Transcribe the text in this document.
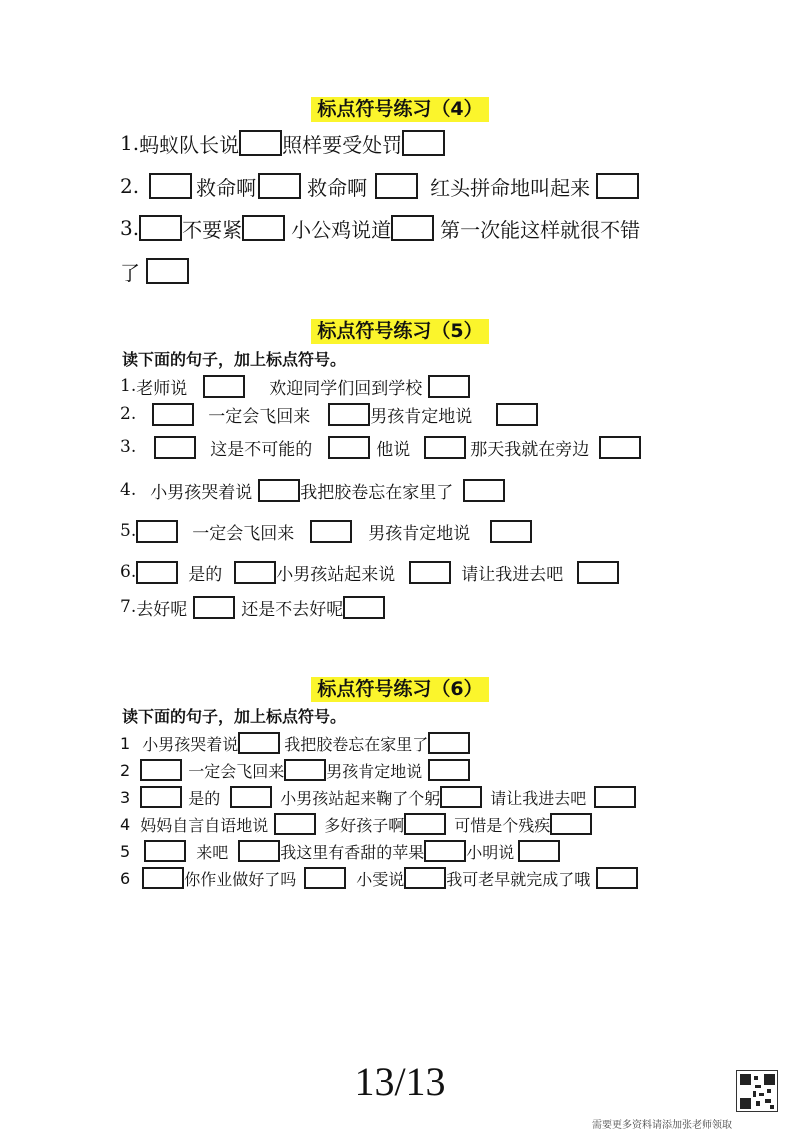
标点符号练习（4）
1. 蚂蚁队长说 照样要受处罚
2.	救命啊	救命啊	红头拼命地叫起来
3. 不要紧 小公鸡说道 第一次能这样就很不错
了
标点符号练习（5）
读下面的句子，加上标点符号。
1. 老师说	欢迎同学们回到学校
2.	一定会飞回来	男孩肯定地说
3.	这是不可能的	他说	那天我就在旁边
4. 小男孩哭着说	我把胶卷忘在家里了
5.	一定会飞回来	男孩肯定地说
6.	是的	小男孩站起来说	请让我进去吧
7. 去好呢	还是不去好呢
标点符号练习（6）
读下面的句子，加上标点符号。
1 小男孩哭着说	我把胶卷忘在家里了
2	一定会飞回来	男孩肯定地说
3	是的	小男孩站起来鞠了个躬	请让我进去吧
4 妈妈自言自语地说	多好孩子啊	可惜是个残疾
5	来吧	我这里有香甜的苹果	小明说
6	你作业做好了吗	小雯说	我可老早就完成了哦
13/13
需要更多资料请添加张老师领取
